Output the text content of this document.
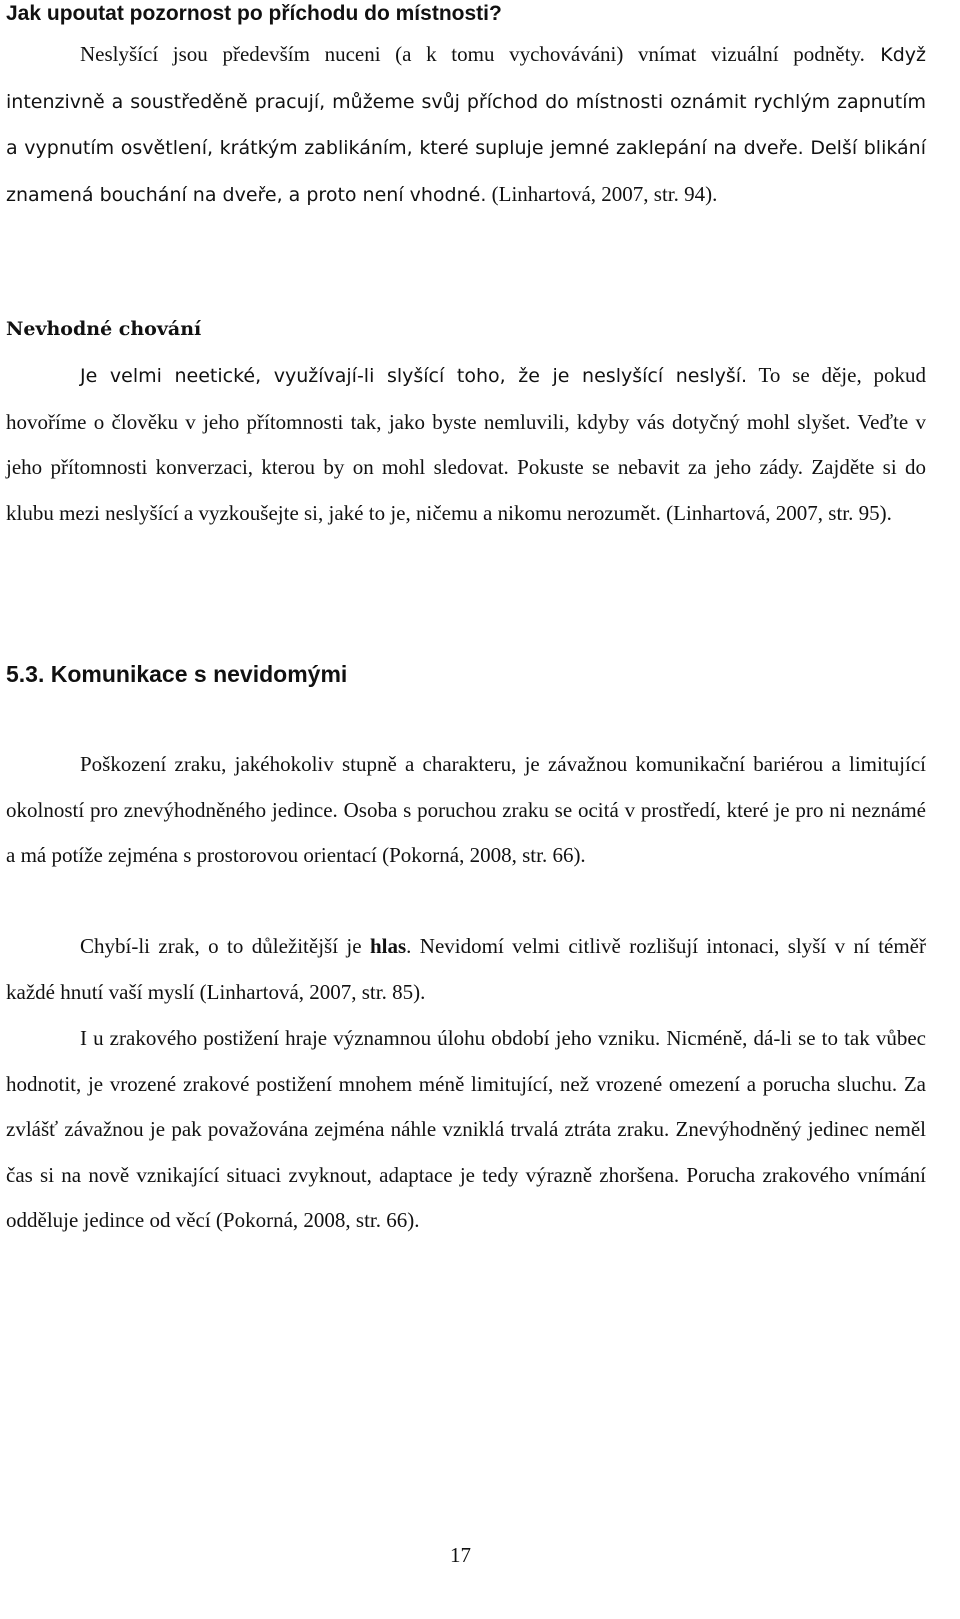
Jak upoutat pozornost po příchodu do místnosti?

Neslyšící jsou především nuceni (a k tomu vychováváni) vnímat vizuální podněty. Když intenzivně a soustředěně pracují, můžeme svůj příchod do místnosti oznámit rychlým zapnutím a vypnutím osvětlení, krátkým zablikáním, které supluje jemné zaklepání na dveře. Delší blikání znamená bouchání na dveře, a proto není vhodné. (Linhartová, 2007, str. 94).

Nevhodné chování

Je velmi neetické, využívají-li slyšící toho, že je neslyšící neslyší. To se děje, pokud hovoříme o člověku v jeho přítomnosti tak, jako byste nemluvili, kdyby vás dotyčný mohl slyšet. Veďte v jeho přítomnosti konverzaci, kterou by on mohl sledovat. Pokuste se nebavit za jeho zády. Zajděte si do klubu mezi neslyšící a vyzkoušejte si, jaké to je, ničemu a nikomu nerozumět. (Linhartová, 2007, str. 95).

5.3. Komunikace s nevidomými

Poškození zraku, jakéhokoliv stupně a charakteru, je závažnou komunikační bariérou a limitující okolností pro znevýhodněného jedince. Osoba s poruchou zraku se ocitá v prostředí, které je pro ni neznámé a má potíže zejména s prostorovou orientací (Pokorná, 2008, str. 66).

Chybí-li zrak, o to důležitější je hlas. Nevidomí velmi citlivě rozlišují intonaci, slyší v ní téměř každé hnutí vaší myslí (Linhartová, 2007, str. 85).

I u zrakového postižení hraje významnou úlohu období jeho vzniku. Nicméně, dá-li se to tak vůbec hodnotit, je vrozené zrakové postižení mnohem méně limitující, než vrozené omezení a porucha sluchu. Za zvlášť závažnou je pak považována zejména náhle vzniklá trvalá ztráta zraku. Znevýhodněný jedinec neměl čas si na nově vznikající situaci zvyknout, adaptace je tedy výrazně zhoršena. Porucha zrakového vnímání odděluje jedince od věcí (Pokorná, 2008, str. 66).

17
